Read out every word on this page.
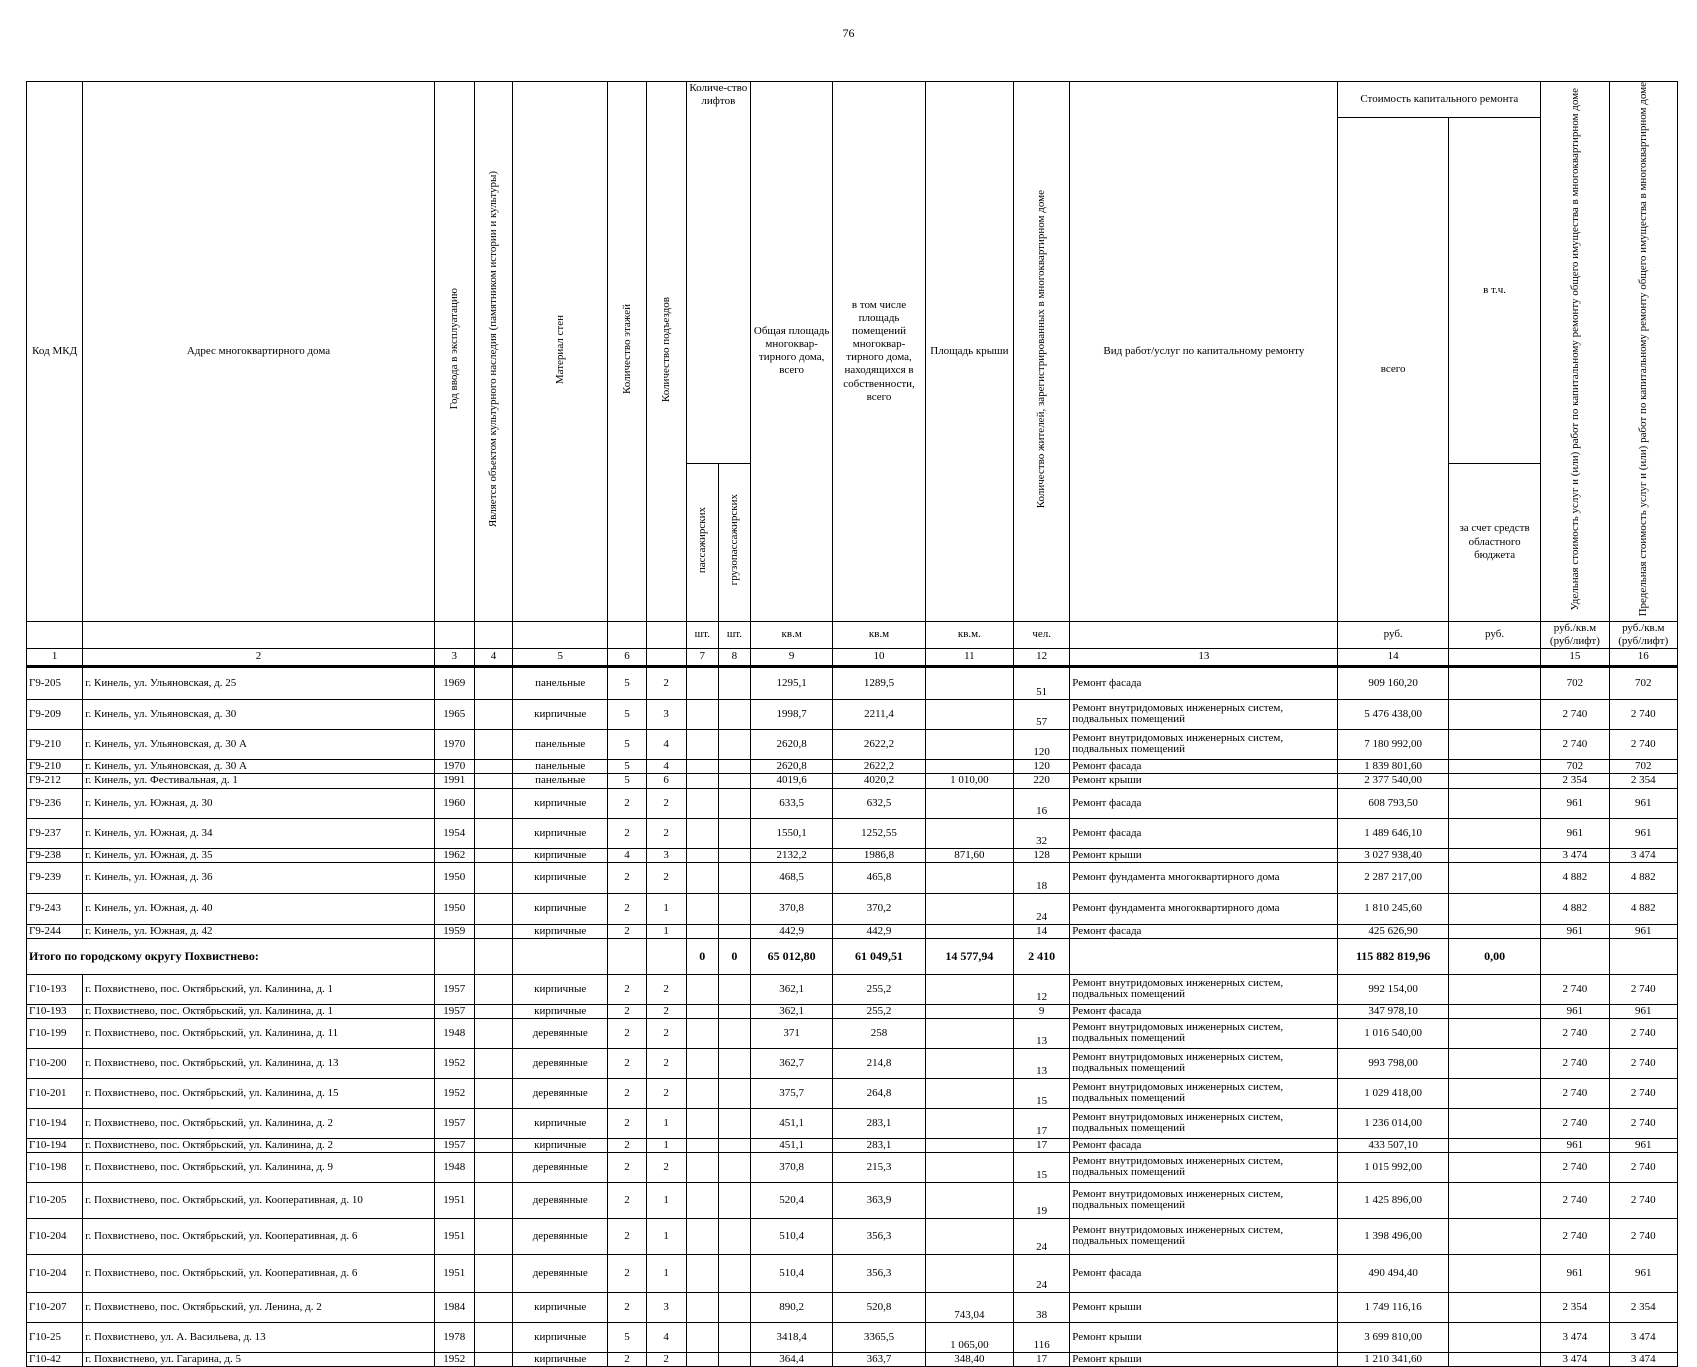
76
Код МКД	Адрес многоквартирного дома	Год ввода в эксплуатацию	Является объектом культурного наследия (памятником истории и культуры)	Материал стен	Количество этажей	Количество подъездов	Количе-ство лифтов		Общая площадь многоквар-тирного дома, всего	в том числе площадь помещений многоквар-тирного дома, находящихся в собственности, всего	Площадь крыши	Количество жителей, зарегистрированных в многоквартирном доме	Вид работ/услуг по капитальному ремонту	Стоимость капитального ремонта		Удельная стоимость услуг и (или) работ по капитальному ремонту общего имущества в многоквартирном доме	Предельная стоимость услуг и (или) работ по капитальному ремонту общего имущества в многоквартирном доме
														всего	в т.ч.		
							пассажирских	грузопассажирских							за счет средств областного бюджета		
							шт.	шт.	кв.м	кв.м	кв.м.	чел.		руб.	руб.	руб./кв.м (руб/лифт)	руб./кв.м (руб/лифт)
1	2	3	4	5	6		7	8	9	10	11	12	13	14		15	16
Г9-205	г. Кинель, ул. Ульяновская, д. 25	1969		панельные	5	2			1295,1	1289,5		51	Ремонт фасада	909 160,20		702	702
Г9-209	г. Кинель, ул. Ульяновская, д. 30	1965		кирпичные	5	3			1998,7	2211,4		57	Ремонт внутридомовых инженерных систем, подвальных помещений	5 476 438,00		2 740	2 740
Г9-210	г. Кинель, ул. Ульяновская, д. 30 А	1970		панельные	5	4			2620,8	2622,2		120	Ремонт внутридомовых инженерных систем, подвальных помещений	7 180 992,00		2 740	2 740
Г9-210	г. Кинель, ул. Ульяновская, д. 30 А	1970		панельные	5	4			2620,8	2622,2		120	Ремонт фасада	1 839 801,60		702	702
Г9-212	г. Кинель, ул. Фестивальная, д. 1	1991		панельные	5	6			4019,6	4020,2	1 010,00	220	Ремонт крыши	2 377 540,00		2 354	2 354
Г9-236	г. Кинель, ул. Южная, д. 30	1960		кирпичные	2	2			633,5	632,5		16	Ремонт фасада	608 793,50		961	961
Г9-237	г. Кинель, ул. Южная, д. 34	1954		кирпичные	2	2			1550,1	1252,55		32	Ремонт фасада	1 489 646,10		961	961
Г9-238	г. Кинель, ул. Южная, д. 35	1962		кирпичные	4	3			2132,2	1986,8	871,60	128	Ремонт крыши	3 027 938,40		3 474	3 474
Г9-239	г. Кинель, ул. Южная, д. 36	1950		кирпичные	2	2			468,5	465,8		18	Ремонт фундамента многоквартирного дома	2 287 217,00		4 882	4 882
Г9-243	г. Кинель, ул. Южная, д. 40	1950		кирпичные	2	1			370,8	370,2		24	Ремонт фундамента многоквартирного дома	1 810 245,60		4 882	4 882
Г9-244	г. Кинель, ул. Южная, д. 42	1959		кирпичные	2	1			442,9	442,9		14	Ремонт фасада	425 626,90		961	961
Итого по городскому округу Похвистнево:							0	0	65 012,80	61 049,51	14 577,94	2 410		115 882 819,96	0,00		
Г10-193	г. Похвистнево, пос. Октябрьский, ул. Калинина, д. 1	1957		кирпичные	2	2			362,1	255,2		12	Ремонт внутридомовых инженерных систем, подвальных помещений	992 154,00		2 740	2 740
Г10-193	г. Похвистнево, пос. Октябрьский, ул. Калинина, д. 1	1957		кирпичные	2	2			362,1	255,2		9	Ремонт фасада	347 978,10		961	961
Г10-199	г. Похвистнево, пос. Октябрьский, ул. Калинина, д. 11	1948		деревянные	2	2			371	258		13	Ремонт внутридомовых инженерных систем, подвальных помещений	1 016 540,00		2 740	2 740
Г10-200	г. Похвистнево, пос. Октябрьский, ул. Калинина, д. 13	1952		деревянные	2	2			362,7	214,8		13	Ремонт внутридомовых инженерных систем, подвальных помещений	993 798,00		2 740	2 740
Г10-201	г. Похвистнево, пос. Октябрьский, ул. Калинина, д. 15	1952		деревянные	2	2			375,7	264,8		15	Ремонт внутридомовых инженерных систем, подвальных помещений	1 029 418,00		2 740	2 740
Г10-194	г. Похвистнево, пос. Октябрьский, ул. Калинина, д. 2	1957		кирпичные	2	1			451,1	283,1		17	Ремонт внутридомовых инженерных систем, подвальных помещений	1 236 014,00		2 740	2 740
Г10-194	г. Похвистнево, пос. Октябрьский, ул. Калинина, д. 2	1957		кирпичные	2	1			451,1	283,1		17	Ремонт фасада	433 507,10		961	961
Г10-198	г. Похвистнево, пос. Октябрьский, ул. Калинина, д. 9	1948		деревянные	2	2			370,8	215,3		15	Ремонт внутридомовых инженерных систем, подвальных помещений	1 015 992,00		2 740	2 740
Г10-205	г. Похвистнево, пос. Октябрьский, ул. Кооперативная, д. 10	1951		деревянные	2	1			520,4	363,9		19	Ремонт внутридомовых инженерных систем, подвальных помещений	1 425 896,00		2 740	2 740
Г10-204	г. Похвистнево, пос. Октябрьский, ул. Кооперативная, д. 6	1951		деревянные	2	1			510,4	356,3		24	Ремонт внутридомовых инженерных систем, подвальных помещений	1 398 496,00		2 740	2 740
Г10-204	г. Похвистнево, пос. Октябрьский, ул. Кооперативная, д. 6	1951		деревянные	2	1			510,4	356,3		24	Ремонт фасада	490 494,40		961	961
Г10-207	г. Похвистнево, пос. Октябрьский, ул. Ленина, д. 2	1984		кирпичные	2	3			890,2	520,8	743,04	38	Ремонт крыши	1 749 116,16		2 354	2 354
Г10-25	г. Похвистнево, ул. А. Васильева, д. 13	1978		кирпичные	5	4			3418,4	3365,5	1 065,00	116	Ремонт крыши	3 699 810,00		3 474	3 474
Г10-42	г. Похвистнево, ул. Гагарина, д. 5	1952		кирпичные	2	2			364,4	363,7	348,40	17	Ремонт крыши	1 210 341,60		3 474	3 474
